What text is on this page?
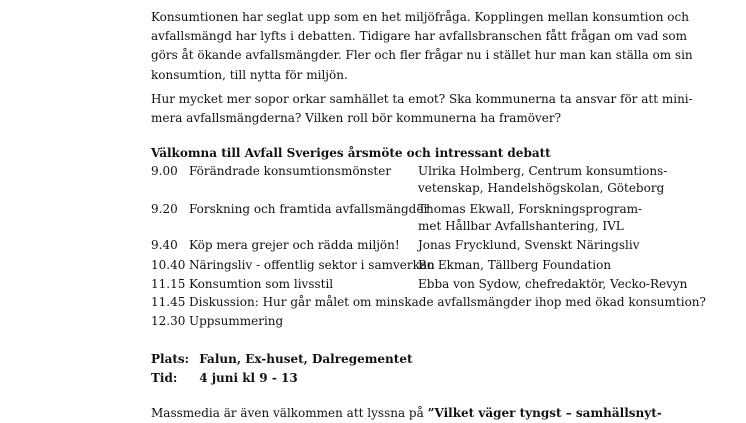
Konsumtionen har seglat upp som en het miljöfråga. Kopplingen mellan konsumtion och
avfallsmängd har lyfts i debatten. Tidigare har avfallsbranschen fått frågan om vad som
görs åt ökande avfallsmängder. Fler och fler frågar nu i stället hur man kan ställa om sin
konsumtion, till nytta för miljön.

Hur mycket mer sopor orkar samhället ta emot? Ska kommunerna ta ansvar för att mini-
mera avfallsmängderna? Vilken roll bör kommunerna ha framöver?

Välkomna till Avfall Sveriges årsmöte och intressant debatt
9.00 Förändrade konsumtionsmönster Ulrika Holmberg, Centrum konsumtions-
vetenskap, Handelshögskolan, Göteborg
9.20 Forskning och framtida avfallsmängder
Thomas Ekwall, Forskningsprogram-
met Hållbar Avfallshantering, IVL
9.40 Köp mera grejer och rädda miljön! Jonas Frycklund, Svenskt Näringsliv
10.40 Näringsliv - offentlig sektor i samverkan
Bo Ekman, Tällberg Foundation
11.15 Konsumtion som livsstil	Ebba von Sydow, chefredaktör, Vecko-Revyn
11.45 Diskussion: Hur går målet om minskade avfallsmängder ihop med ökad konsumtion?
12.30 Uppsummering
Plats: Falun, Ex-huset, Dalregementet
Tid: 4 juni kl 9 - 13
Massmedia är även välkommen att lyssna på ”Vilket väger tyngst – samhällsnyt-
